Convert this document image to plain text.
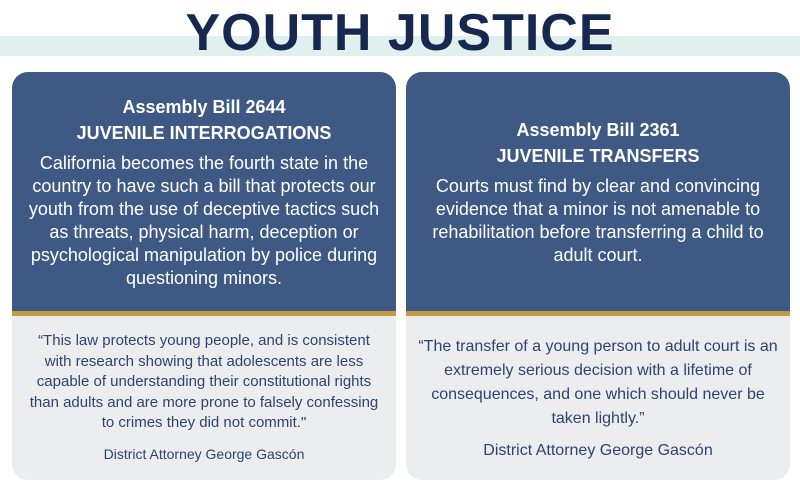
YOUTH JUSTICE
Assembly Bill 2644
JUVENILE INTERROGATIONS
California becomes the fourth state in the country to have such a bill that protects our youth from the use of deceptive tactics such as threats, physical harm, deception or psychological manipulation by police during questioning minors.
“This law protects young people, and is consistent with research showing that adolescents are less capable of understanding their constitutional rights than adults and are more prone to falsely confessing to crimes they did not commit."
District Attorney George Gascón
Assembly Bill 2361
JUVENILE TRANSFERS
Courts must find by clear and convincing evidence that a minor is not amenable to rehabilitation before transferring a child to adult court.
“The transfer of a young person to adult court is an extremely serious decision with a lifetime of consequences, and one which should never be taken lightly.”
District Attorney George Gascón
